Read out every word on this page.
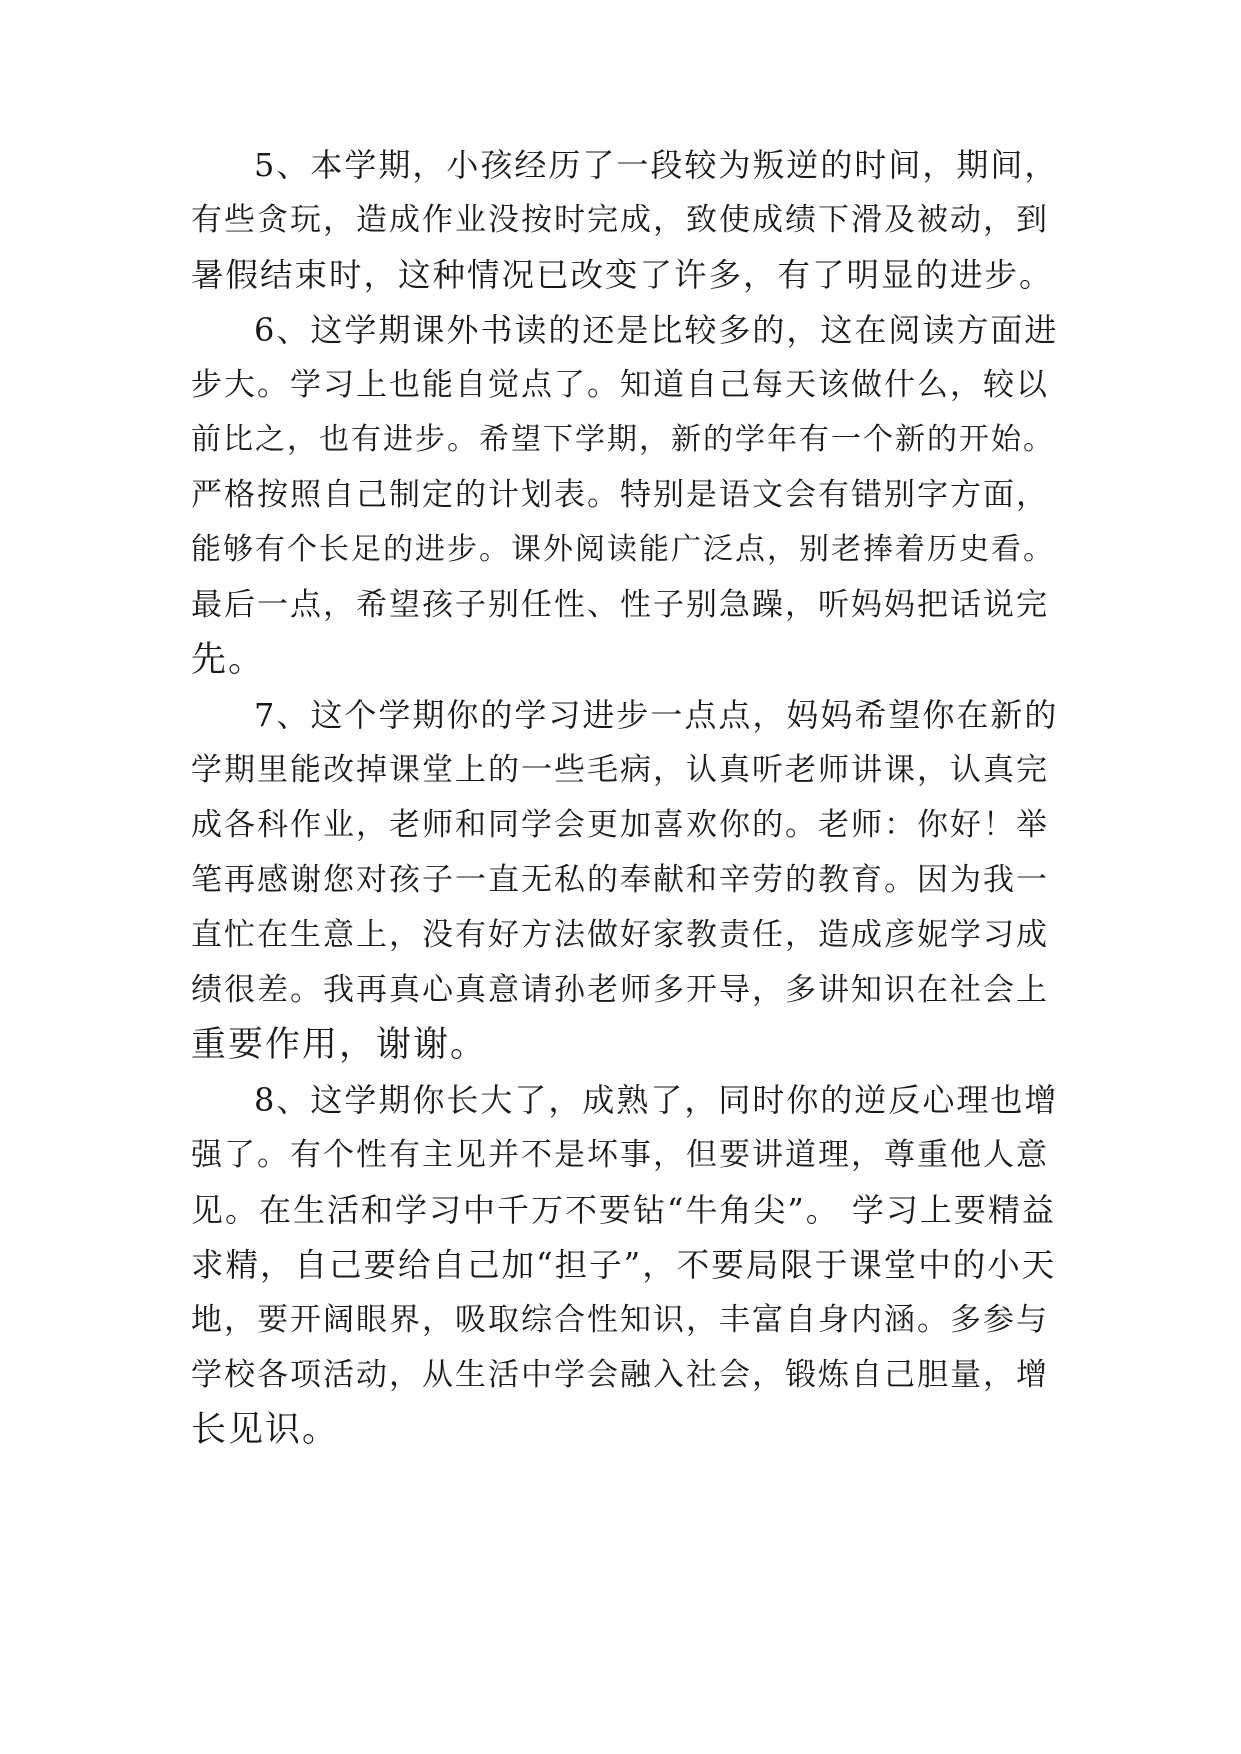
5、本学期，小孩经历了一段较为叛逆的时间，期间，
有些贪玩，造成作业没按时完成，致使成绩下滑及被动，到
暑假结束时，这种情况已改变了许多，有了明显的进步。
6、这学期课外书读的还是比较多的，这在阅读方面进
步大。学习上也能自觉点了。知道自己每天该做什么，较以
前比之，也有进步。希望下学期，新的学年有一个新的开始。
严格按照自己制定的计划表。特别是语文会有错别字方面，
能够有个长足的进步。课外阅读能广泛点，别老捧着历史看。
最后一点，希望孩子别任性、性子别急躁，听妈妈把话说完
先。
7、这个学期你的学习进步一点点，妈妈希望你在新的
学期里能改掉课堂上的一些毛病，认真听老师讲课，认真完
成各科作业，老师和同学会更加喜欢你的。老师：你好！举
笔再感谢您对孩子一直无私的奉献和辛劳的教育。因为我一
直忙在生意上，没有好方法做好家教责任，造成彦妮学习成
绩很差。我再真心真意请孙老师多开导，多讲知识在社会上
重要作用，谢谢。
8、这学期你长大了，成熟了，同时你的逆反心理也增
强了。有个性有主见并不是坏事，但要讲道理，尊重他人意
见。在生活和学习中千万不要钻“牛角尖”。 学习上要精益
求精，自己要给自己加“担子”，不要局限于课堂中的小天
地，要开阔眼界，吸取综合性知识，丰富自身内涵。多参与
学校各项活动，从生活中学会融入社会，锻炼自己胆量，增
长见识。
